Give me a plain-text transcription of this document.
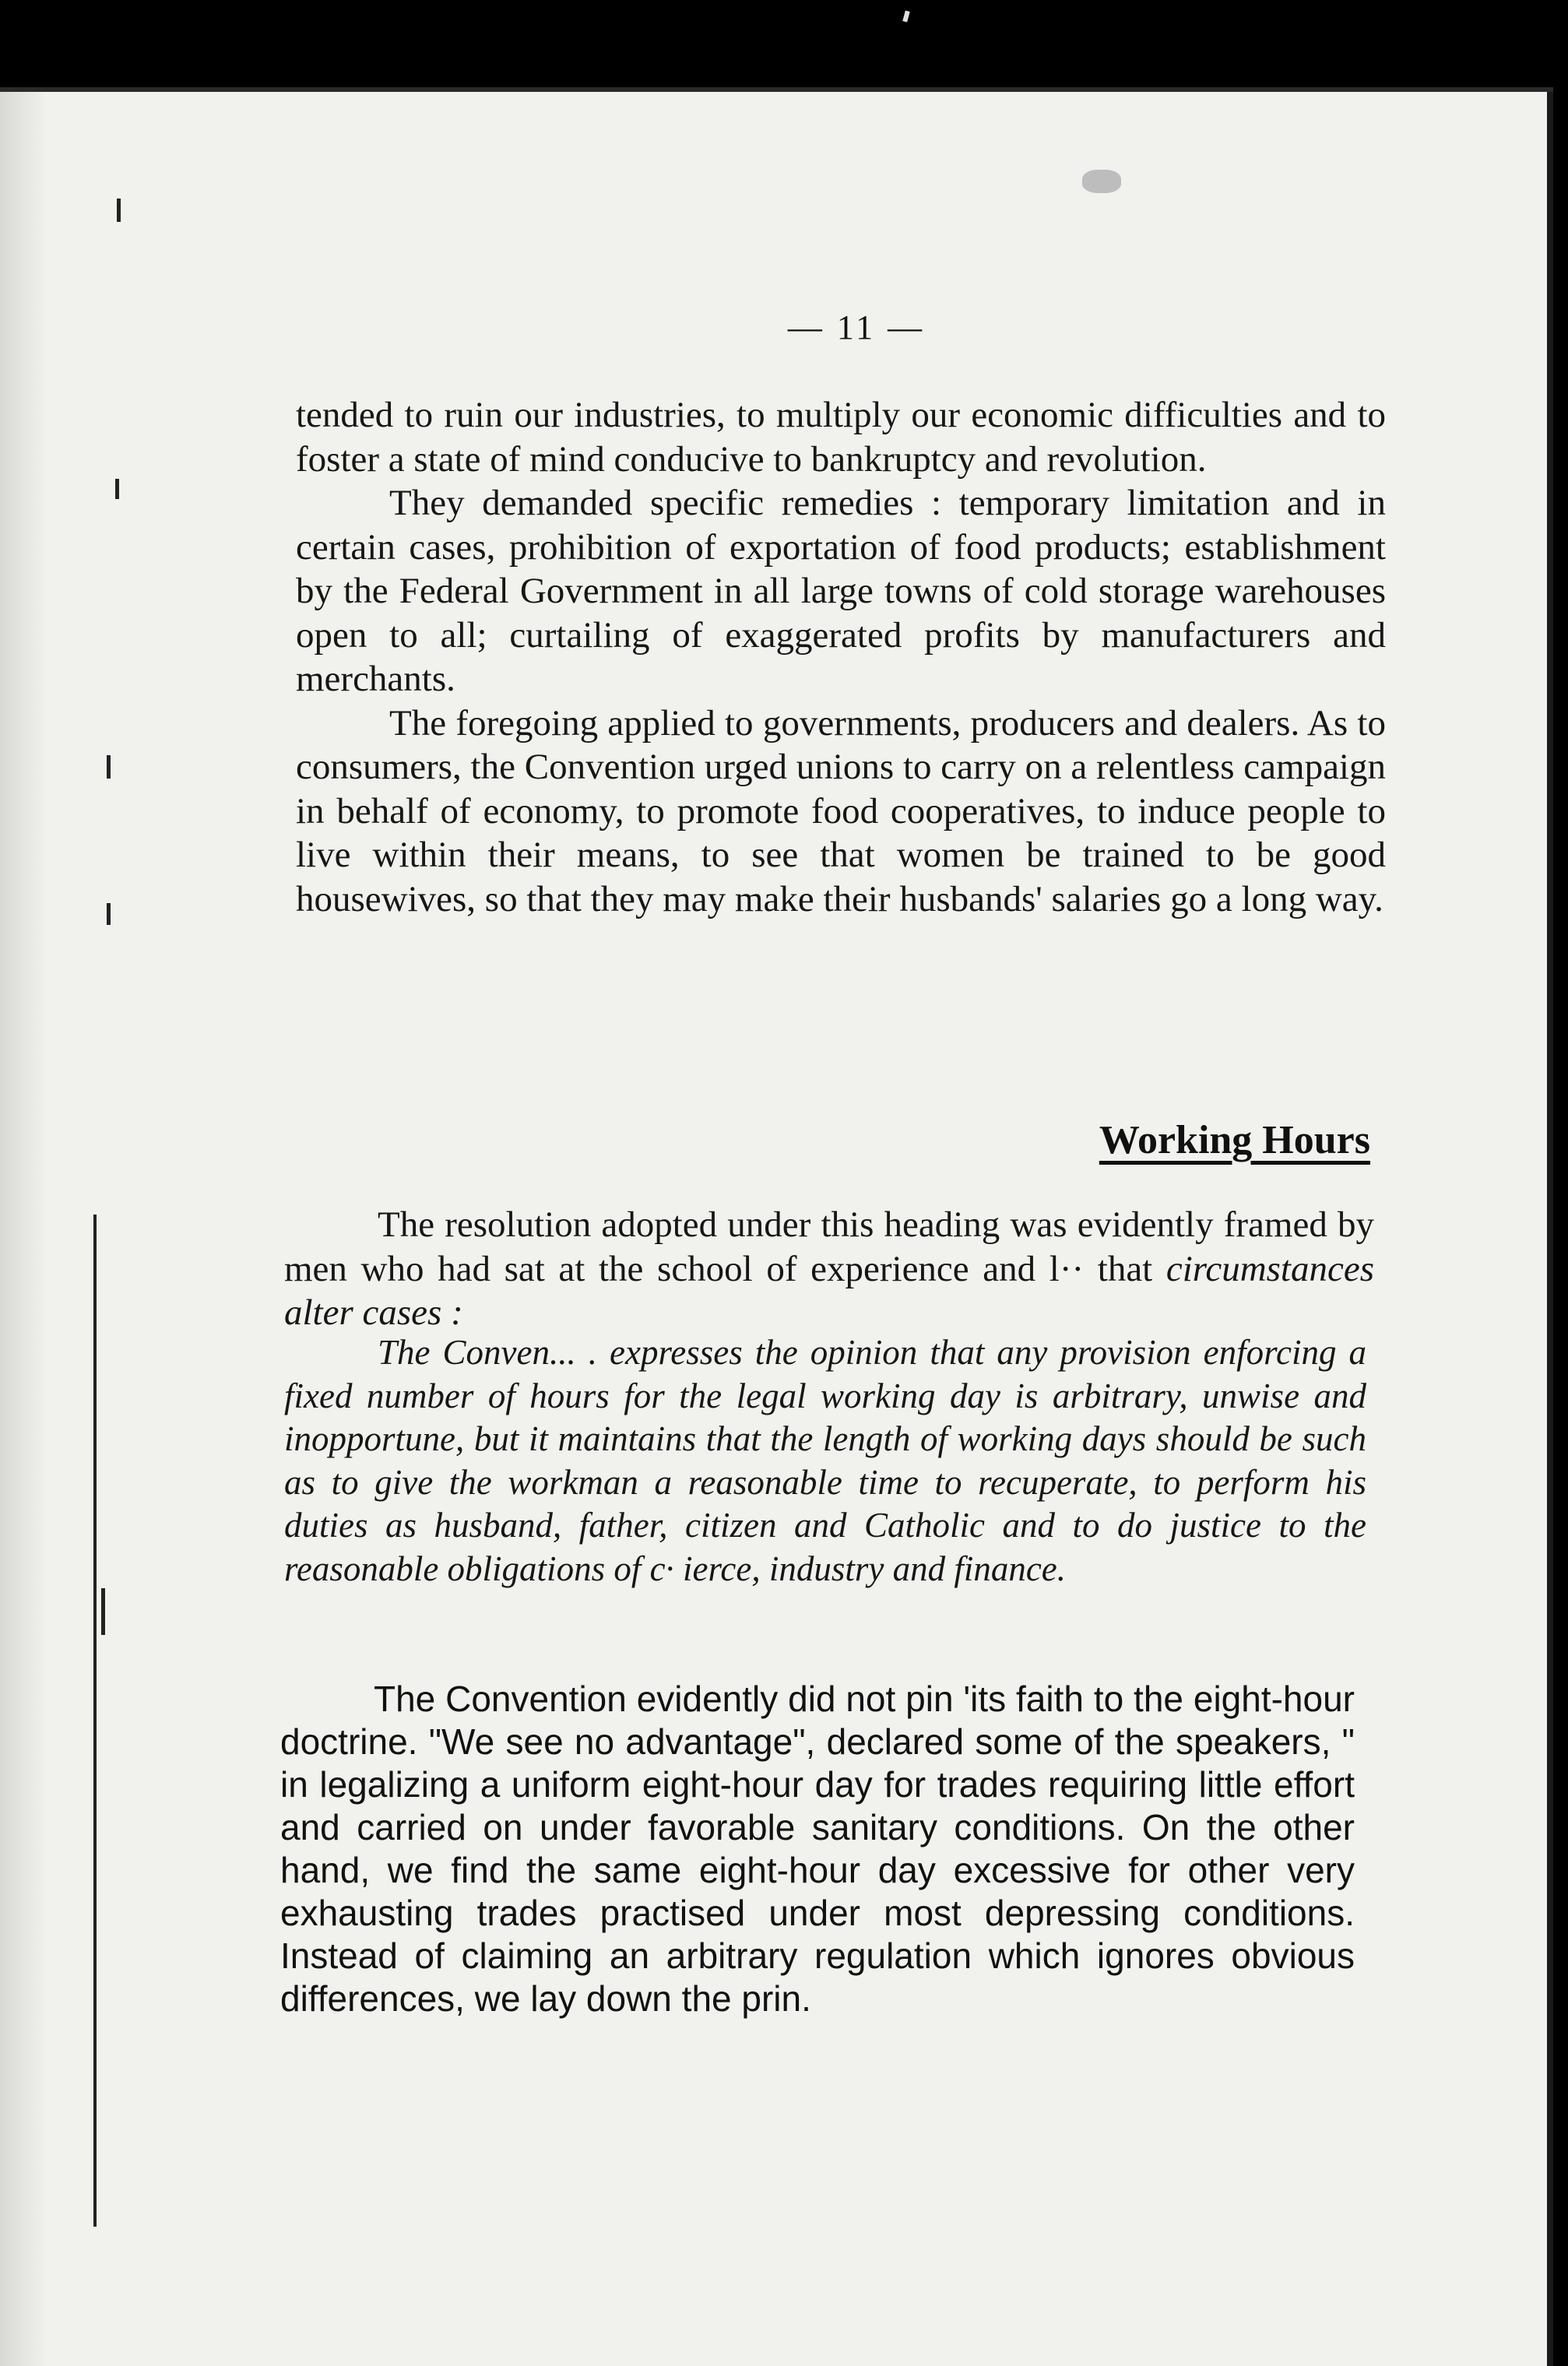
— 11 —

tended to ruin our industries, to multiply our economic difficulties and to foster a state of mind conducive to bankruptcy and revolution.

They demanded specific remedies : temporary limitation and in certain cases, prohibition of exportation of food products; establishment by the Federal Government in all large towns of cold storage warehouses open to all; curtailing of exaggerated profits by manufacturers and merchants.

The foregoing applied to governments, producers and dealers. As to consumers, the Convention urged unions to carry on a relentless campaign in behalf of economy, to promote food cooperatives, to induce people to live within their means, to see that women be trained to be good housewives, so that they may make their husbands' salaries go a long way.

Working Hours

The resolution adopted under this heading was evidently framed by men who had sat at the school of experience and l·· that circumstances alter cases :

The Conven... . expresses the opinion that any provision enforcing a fixed number of hours for the legal working day is arbitrary, unwise and inopportune, but it maintains that the length of working days should be such as to give the workman a reasonable time to recuperate, to perform his duties as husband, father, citizen and Catholic and to do justice to the reasonable obligations of c· ierce, industry and finance.

The Convention evidently did not pin 'its faith to the eight-hour doctrine. "We see no advantage", declared some of the speakers, " in legalizing a uniform eight-hour day for trades requiring little effort and carried on under favorable sanitary conditions. On the other hand, we find the same eight-hour day excessive for other very exhausting trades practised under most depressing conditions. Instead of claiming an arbitrary regulation which ignores obvious differences, we lay down the prin.
